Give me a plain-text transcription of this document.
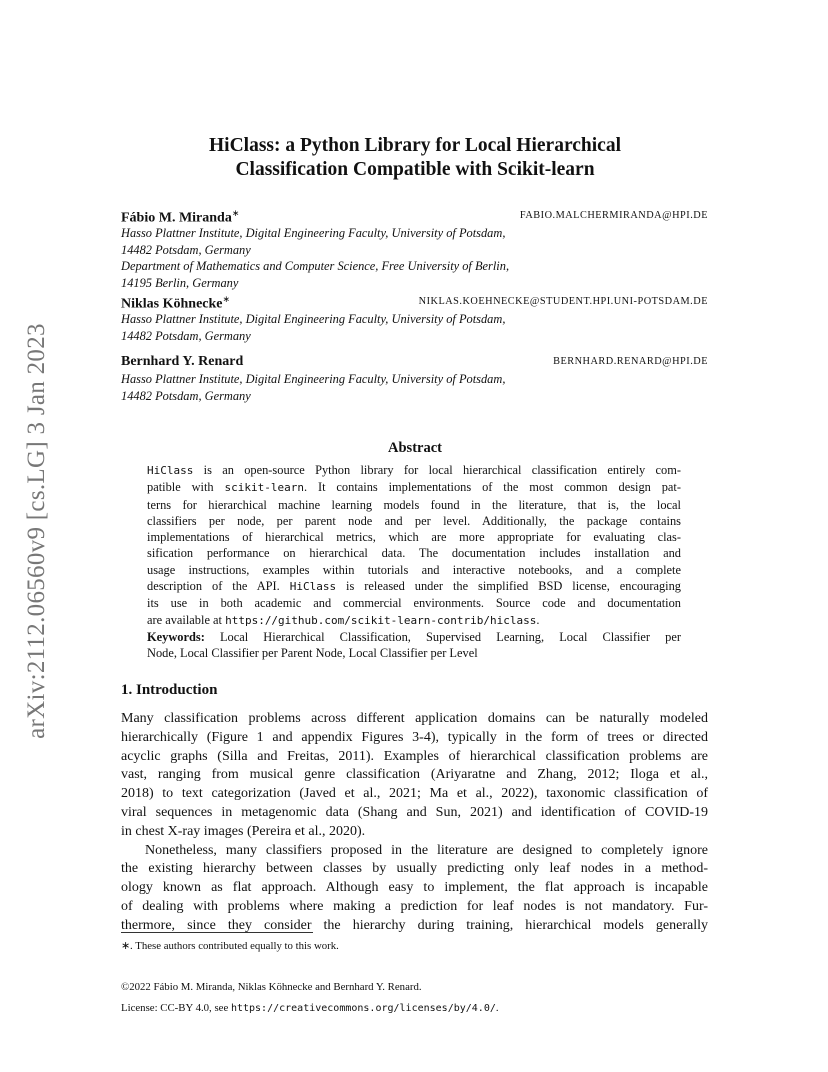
arXiv:2112.06560v9 [cs.LG] 3 Jan 2023
HiClass: a Python Library for Local Hierarchical
Classification Compatible with Scikit-learn
Fábio M. Miranda∗	FABIO.MALCHERMIRANDA@HPI.DE
Hasso Plattner Institute, Digital Engineering Faculty, University of Potsdam,
14482 Potsdam, Germany
Department of Mathematics and Computer Science, Free University of Berlin,
14195 Berlin, Germany
Niklas Köhnecke∗	NIKLAS.KOEHNECKE@STUDENT.HPI.UNI-POTSDAM.DE
Hasso Plattner Institute, Digital Engineering Faculty, University of Potsdam,
14482 Potsdam, Germany
Bernhard Y. Renard	BERNHARD.RENARD@HPI.DE
Hasso Plattner Institute, Digital Engineering Faculty, University of Potsdam,
14482 Potsdam, Germany
Abstract
HiClass is an open-source Python library for local hierarchical classification entirely com-
patible with scikit-learn. It contains implementations of the most common design pat-
terns for hierarchical machine learning models found in the literature, that is, the local
classifiers per node, per parent node and per level. Additionally, the package contains
implementations of hierarchical metrics, which are more appropriate for evaluating clas-
sification performance on hierarchical data. The documentation includes installation and
usage instructions, examples within tutorials and interactive notebooks, and a complete
description of the API. HiClass is released under the simplified BSD license, encouraging
its use in both academic and commercial environments. Source code and documentation
are available at https://github.com/scikit-learn-contrib/hiclass.
Keywords: Local Hierarchical Classification, Supervised Learning, Local Classifier per
Node, Local Classifier per Parent Node, Local Classifier per Level
1. Introduction
Many classification problems across different application domains can be naturally modeled
hierarchically (Figure 1 and appendix Figures 3-4), typically in the form of trees or directed
acyclic graphs (Silla and Freitas, 2011). Examples of hierarchical classification problems are
vast, ranging from musical genre classification (Ariyaratne and Zhang, 2012; Iloga et al.,
2018) to text categorization (Javed et al., 2021; Ma et al., 2022), taxonomic classification of
viral sequences in metagenomic data (Shang and Sun, 2021) and identification of COVID-19
in chest X-ray images (Pereira et al., 2020).
Nonetheless, many classifiers proposed in the literature are designed to completely ignore
the existing hierarchy between classes by usually predicting only leaf nodes in a method-
ology known as flat approach. Although easy to implement, the flat approach is incapable
of dealing with problems where making a prediction for leaf nodes is not mandatory. Fur-
thermore, since they consider the hierarchy during training, hierarchical models generally
∗. These authors contributed equally to this work.
©2022 Fábio M. Miranda, Niklas Köhnecke and Bernhard Y. Renard.
License: CC-BY 4.0, see https://creativecommons.org/licenses/by/4.0/.
